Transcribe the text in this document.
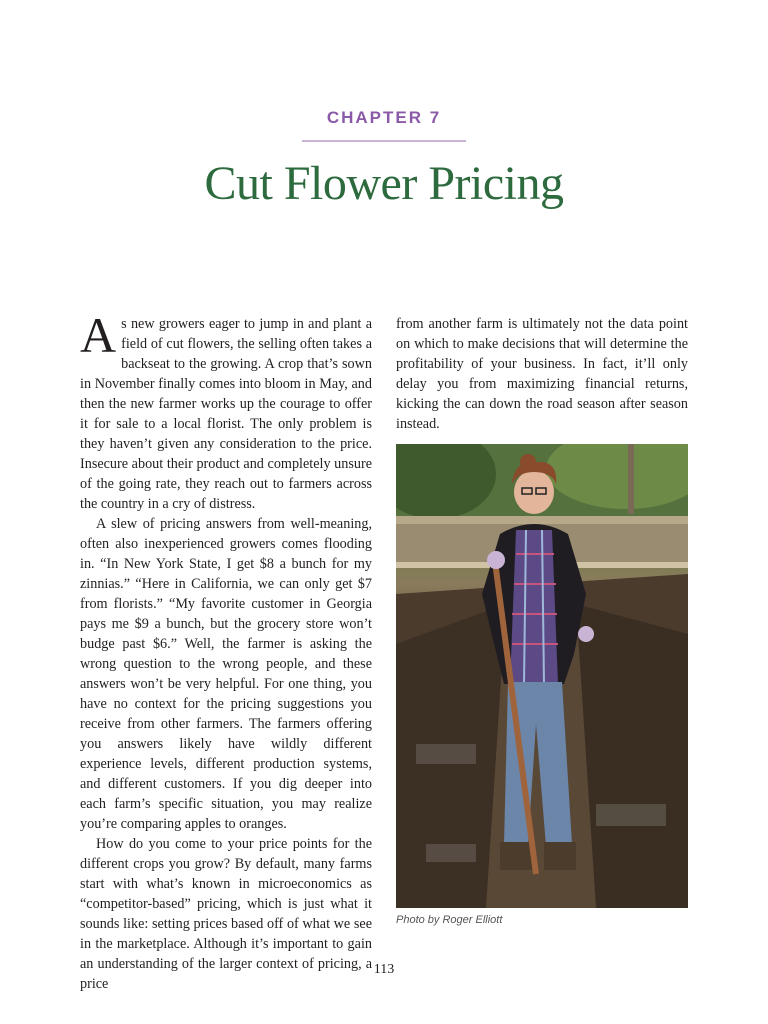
CHAPTER 7
Cut Flower Pricing

As new growers eager to jump in and plant a field of cut flowers, the selling often takes a backseat to the growing. A crop that’s sown in November finally comes into bloom in May, and then the new farmer works up the courage to offer it for sale to a local florist. The only problem is they haven’t given any consideration to the price. Insecure about their product and completely unsure of the going rate, they reach out to farmers across the country in a cry of distress.

A slew of pricing answers from well-meaning, often also inexperienced growers comes flooding in. “In New York State, I get $8 a bunch for my zinnias.” “Here in California, we can only get $7 from florists.” “My favorite customer in Georgia pays me $9 a bunch, but the grocery store won’t budge past $6.” Well, the farmer is asking the wrong question to the wrong people, and these answers won’t be very helpful. For one thing, you have no context for the pricing suggestions you receive from other farmers. The farmers offering you answers likely have wildly different experience levels, different production systems, and different customers. If you dig deeper into each farm’s specific situation, you may realize you’re comparing apples to oranges.

How do you come to your price points for the different crops you grow? By default, many farms start with what’s known in microeconomics as “competitor-based” pricing, which is just what it sounds like: setting prices based off of what we see in the marketplace. Although it’s important to gain an understanding of the larger context of pricing, a price

from another farm is ultimately not the data point on which to make decisions that will determine the profitability of your business. In fact, it’ll only delay you from maximizing financial returns, kicking the can down the road season after season instead.

Photo by Roger Elliott
113
